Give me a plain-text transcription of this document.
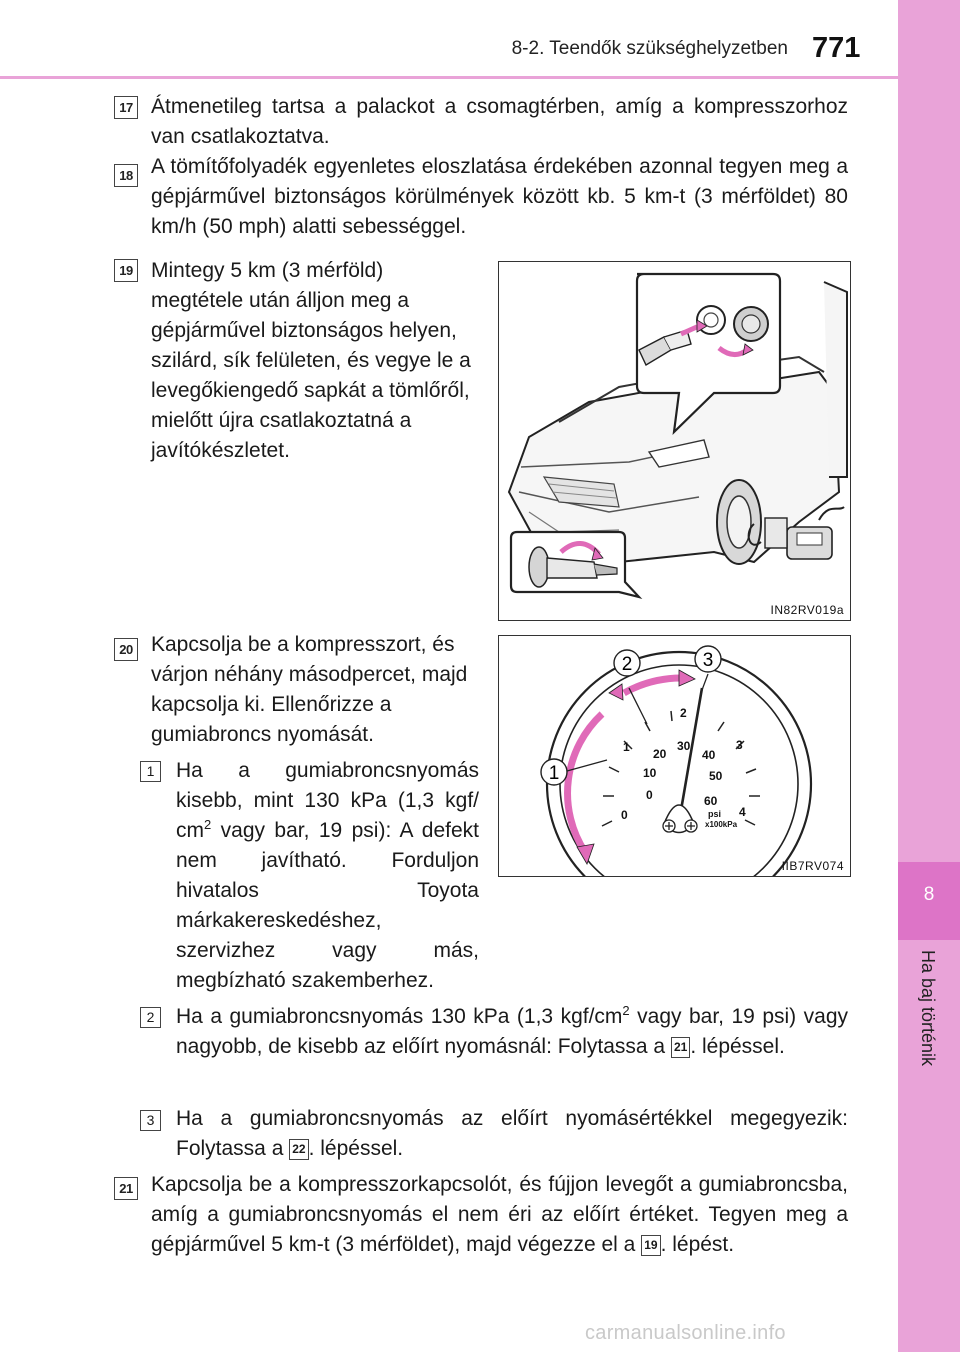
8-2. Teendők szükséghelyzetben 771
8
Ha baj történik
17 Átmenetileg tartsa a palackot a csomagtérben, amíg a kompresszorhoz van csatlakoztatva.
18 A tömítőfolyadék egyenletes eloszlatása érdekében azonnal tegyen meg a gépjárművel biztonságos körülmények között kb. 5 km-t (3 mérföldet) 80 km/h (50 mph) alatti sebességgel.
19 Mintegy 5 km (3 mérföld) megtétele után álljon meg a gépjárművel biztonságos helyen, szilárd, sík felületen, és vegye le a levegőkiengedő sapkát a tömlőről, mielőtt újra csatlakoztatná a javítókészletet.
IN82RV019a
20 Kapcsolja be a kompresszort, és várjon néhány másodpercet, majd kapcsolja ki. Ellenőrizze a gumiabroncs nyomását.
1
2	3
0
1
2
3
4
0
10
20
30
40
50
60
psi
x100kPa
IIB7RV074
1	Ha a gumiabroncsnyomás kisebb, mint 130 kPa (1,3 kgf/ $cm^2$ vagy bar, 19 psi): A defekt nem javítható. Forduljon hivatalos Toyota márkakereskedéshez, szervizhez vagy más, megbízható szakemberhez.
2	Ha a gumiabroncsnyomás 130 kPa (1,3 kgf/$cm^2$ vagy bar, 19 psi) vagy nagyobb, de kisebb az előírt nyomásnál: Folytassa a 21 . lépéssel.
3	Ha a gumiabroncsnyomás az előírt nyomásértékkel megegyezik: Folytassa a 22 . lépéssel.
21 Kapcsolja be a kompresszorkapcsolót, és fújjon levegőt a gumiabroncsba, amíg a gumiabroncsnyomás el nem éri az előírt értéket. Tegyen meg a gépjárművel 5 km-t (3 mérföldet), majd végezze el a 19 . lépést.
carmanualsonline.info
